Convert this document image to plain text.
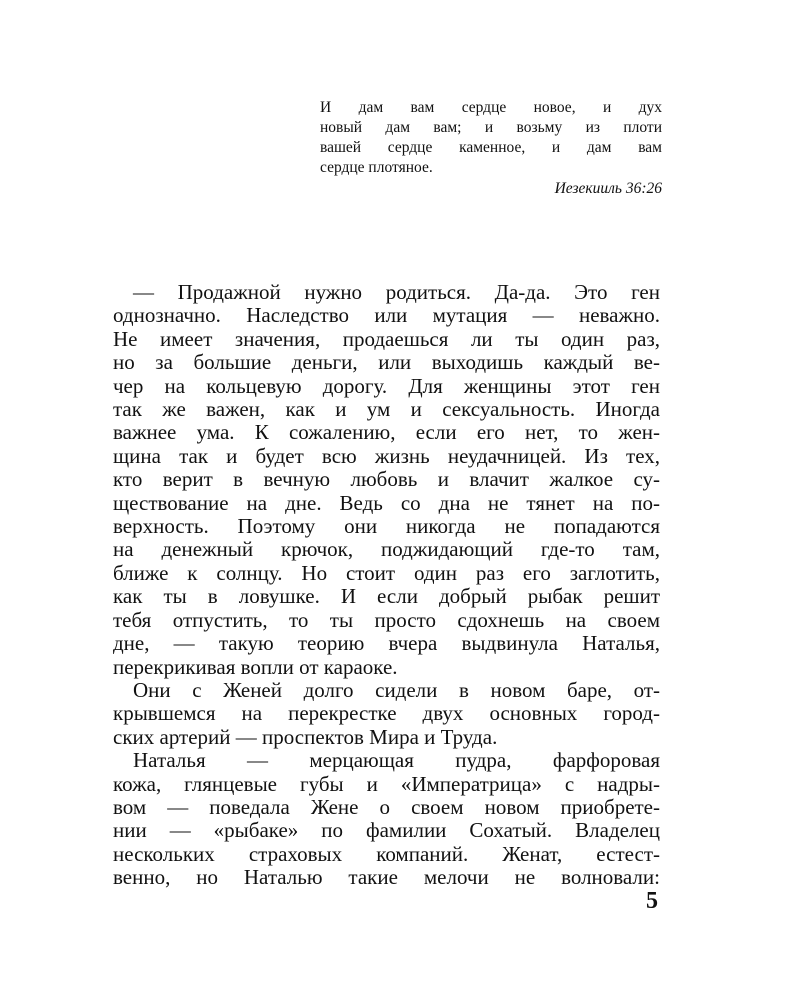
И дам вам сердце новое, и дух
новый дам вам; и возьму из плоти
вашей сердце каменное, и дам вам
сердце плотяное.
Иезекииль 36:26
— Продажной нужно родиться. Да-да. Это ген
однозначно. Наследство или мутация — неважно.
Не имеет значения, продаешься ли ты один раз,
но за большие деньги, или выходишь каждый ве-
чер на кольцевую дорогу. Для женщины этот ген
так же важен, как и ум и сексуальность. Иногда
важнее ума. К сожалению, если его нет, то жен-
щина так и будет всю жизнь неудачницей. Из тех,
кто верит в вечную любовь и влачит жалкое су-
ществование на дне. Ведь со дна не тянет на по-
верхность. Поэтому они никогда не попадаются
на денежный крючок, поджидающий где-то там,
ближе к солнцу. Но стоит один раз его заглотить,
как ты в ловушке. И если добрый рыбак решит
тебя отпустить, то ты просто сдохнешь на своем
дне, — такую теорию вчера выдвинула Наталья,
перекрикивая вопли от караоке.
Они с Женей долго сидели в новом баре, от-
крывшемся на перекрестке двух основных город-
ских артерий — проспектов Мира и Труда.
Наталья — мерцающая пудра, фарфоровая
кожа, глянцевые губы и «Императрица» с надры-
вом — поведала Жене о своем новом приобрете-
нии — «рыбаке» по фамилии Сохатый. Владелец
нескольких страховых компаний. Женат, естест-
венно, но Наталью такие мелочи не волновали:
5
